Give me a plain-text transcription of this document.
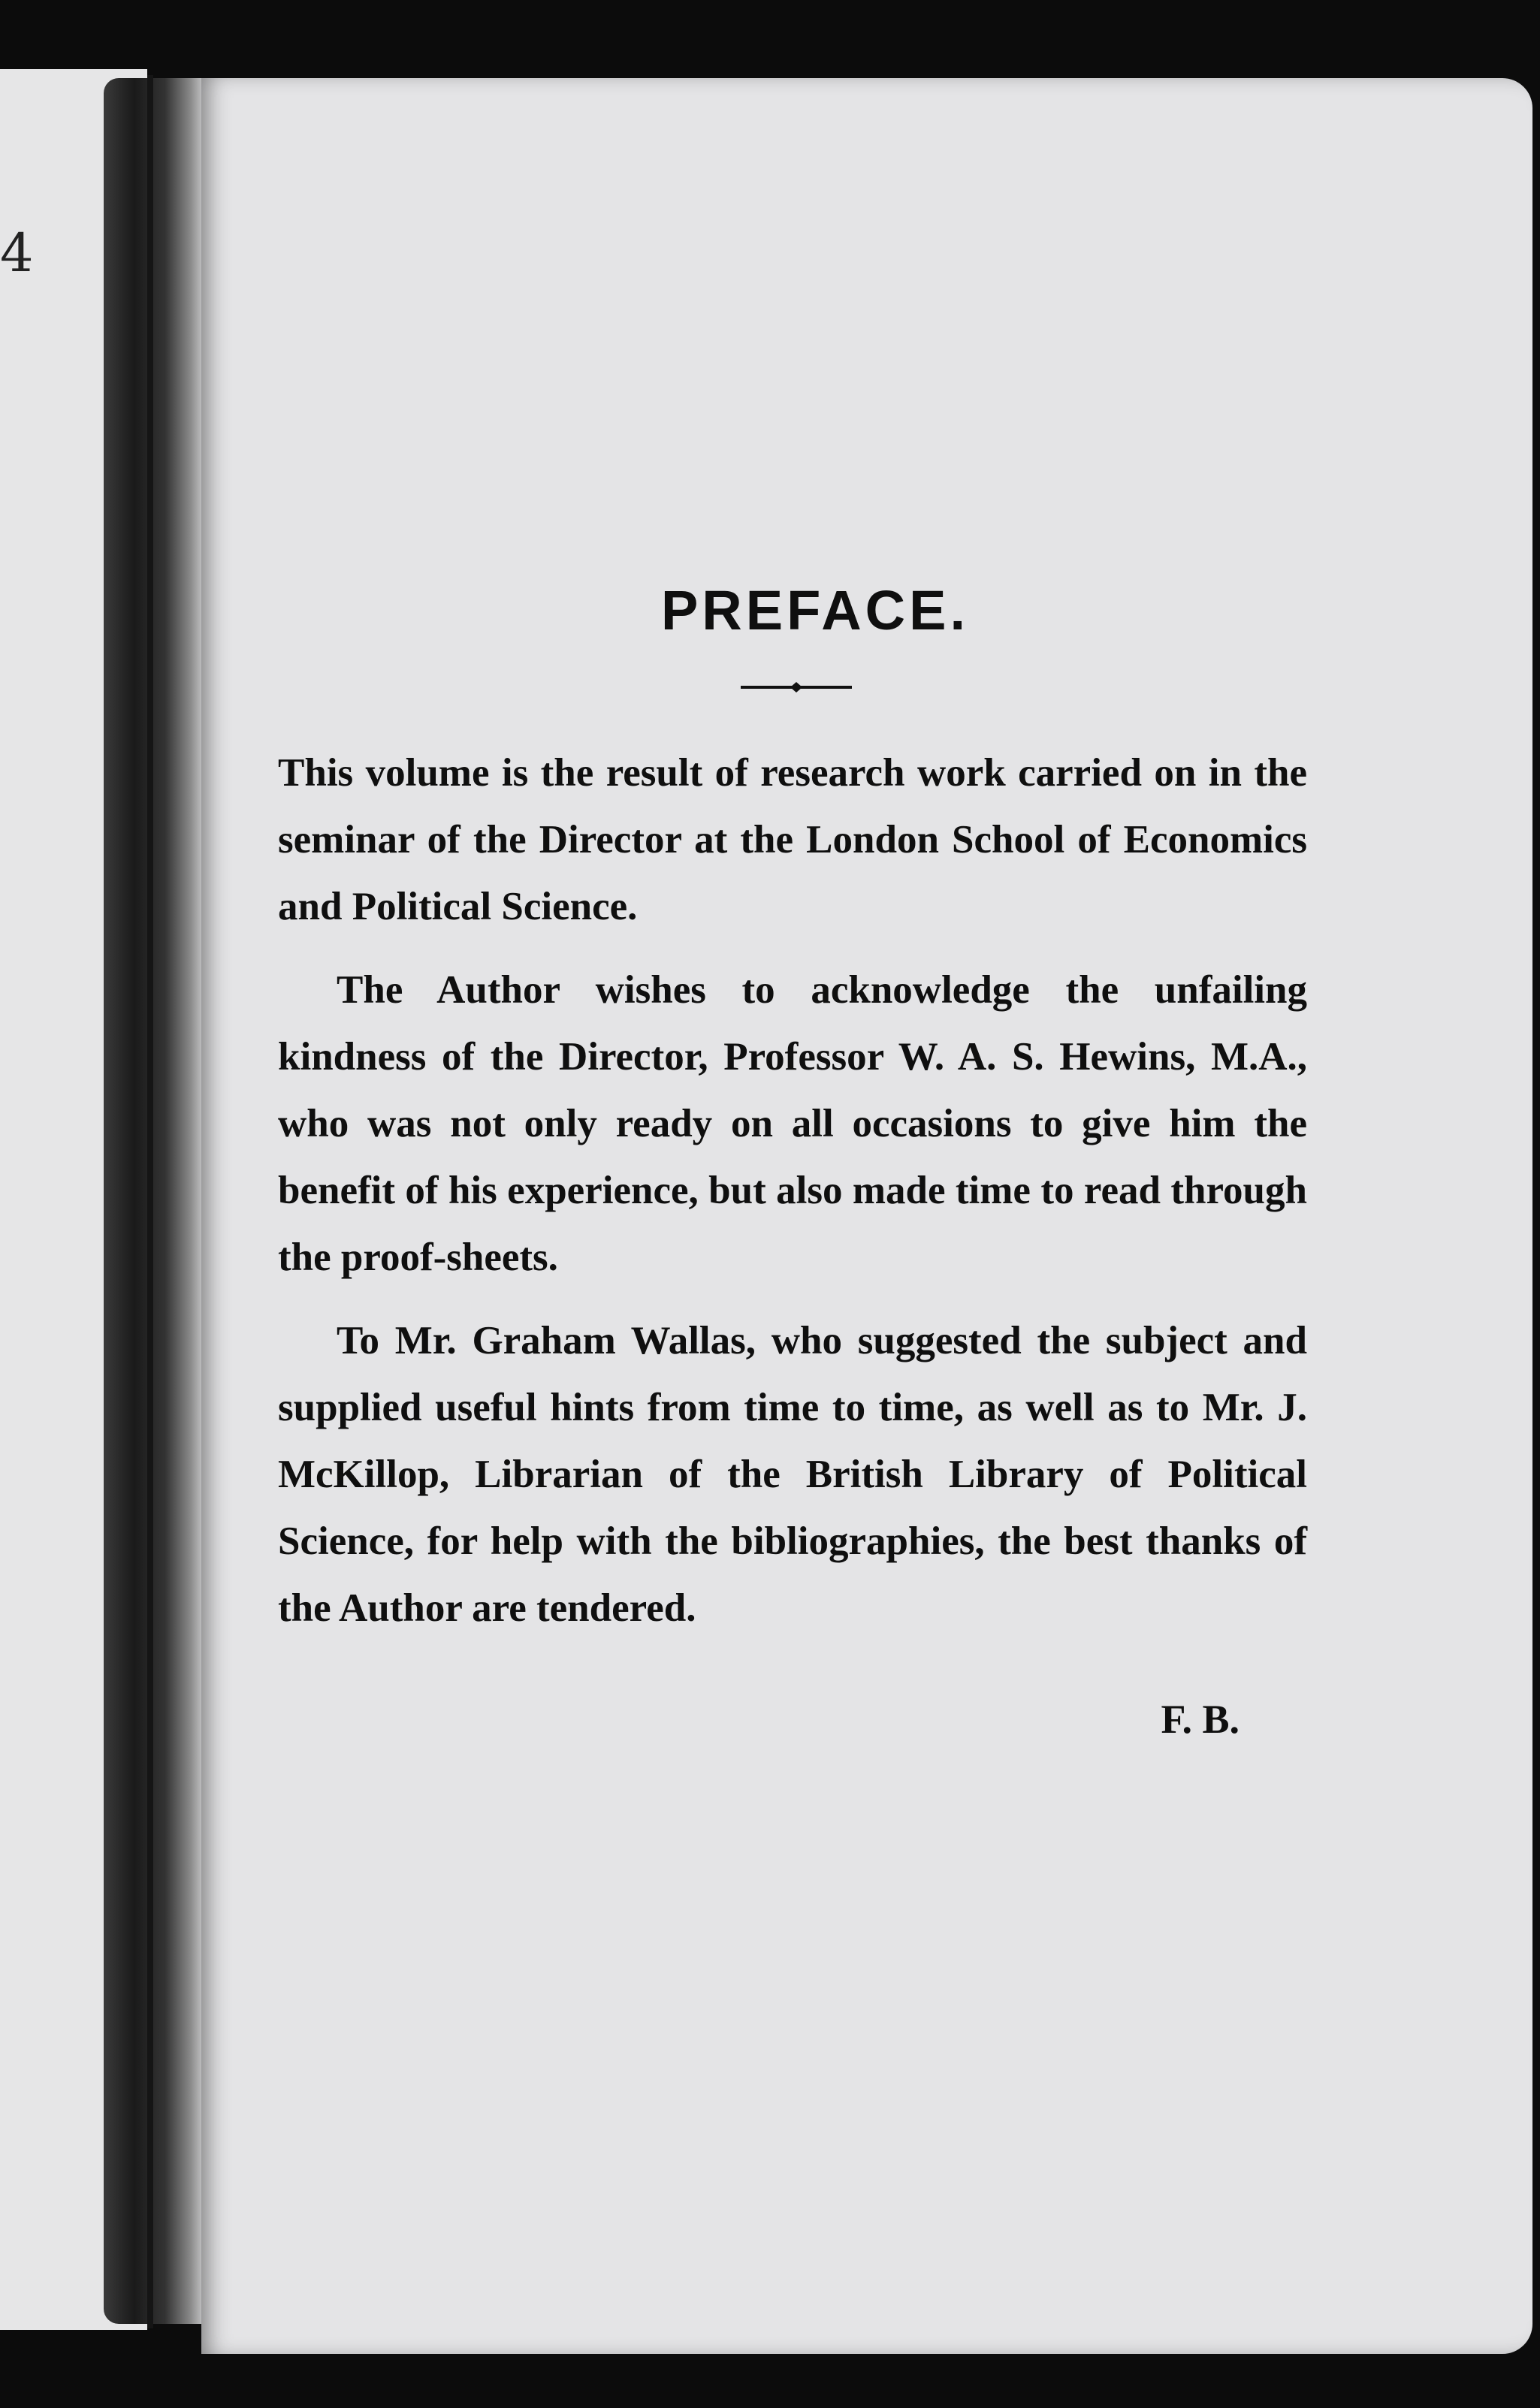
4
PREFACE.

This volume is the result of research work carried on in the seminar of the Director at the London School of Economics and Political Science.

The Author wishes to acknowledge the unfailing kindness of the Director, Professor W. A. S. Hewins, M.A., who was not only ready on all occasions to give him the benefit of his experience, but also made time to read through the proof-sheets.

To Mr. Graham Wallas, who suggested the subject and supplied useful hints from time to time, as well as to Mr. J. McKillop, Librarian of the British Library of Political Science, for help with the bibliographies, the best thanks of the Author are tendered.

F. B.
